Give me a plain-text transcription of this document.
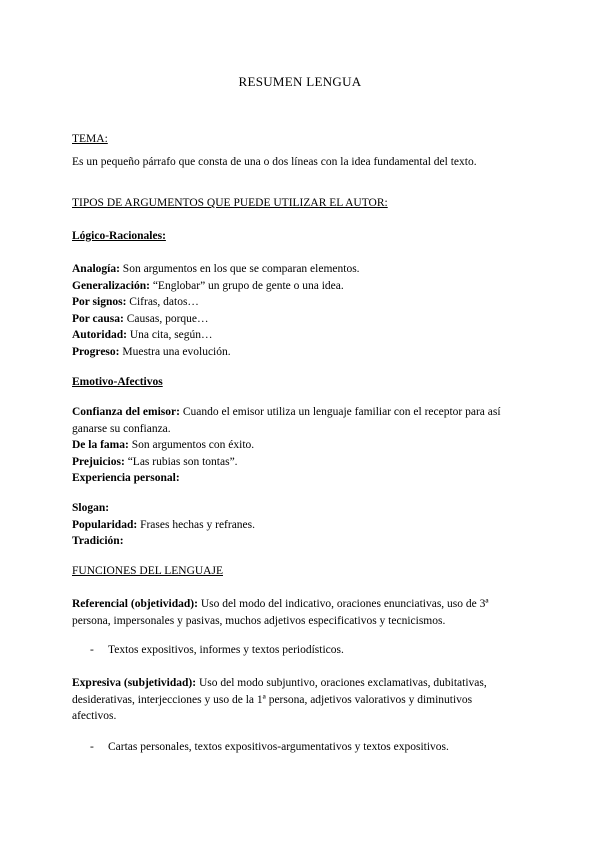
RESUMEN LENGUA
TEMA:
Es un pequeño párrafo que consta de una o dos líneas con la idea fundamental del texto.
TIPOS DE ARGUMENTOS QUE PUEDE UTILIZAR EL AUTOR:
Lógico-Racionales:
Analogía: Son argumentos en los que se comparan elementos.
Generalización: “Englobar” un grupo de gente o una idea.
Por signos: Cifras, datos…
Por causa: Causas, porque…
Autoridad: Una cita, según…
Progreso: Muestra una evolución.
Emotivo-Afectivos
Confianza del emisor: Cuando el emisor utiliza un lenguaje familiar con el receptor para así
ganarse su confianza.
De la fama: Son argumentos con éxito.
Prejuicios: “Las rubias son tontas”.
Experiencia personal:
Slogan:
Popularidad: Frases hechas y refranes.
Tradición:
FUNCIONES DEL LENGUAJE
Referencial (objetividad): Uso del modo del indicativo, oraciones enunciativas, uso de 3ª
persona, impersonales y pasivas, muchos adjetivos especificativos y tecnicismos.
- Textos expositivos, informes y textos periodísticos.
Expresiva (subjetividad): Uso del modo subjuntivo, oraciones exclamativas, dubitativas,
desiderativas, interjecciones y uso de la 1ª persona, adjetivos valorativos y diminutivos
afectivos.
- Cartas personales, textos expositivos-argumentativos y textos expositivos.
